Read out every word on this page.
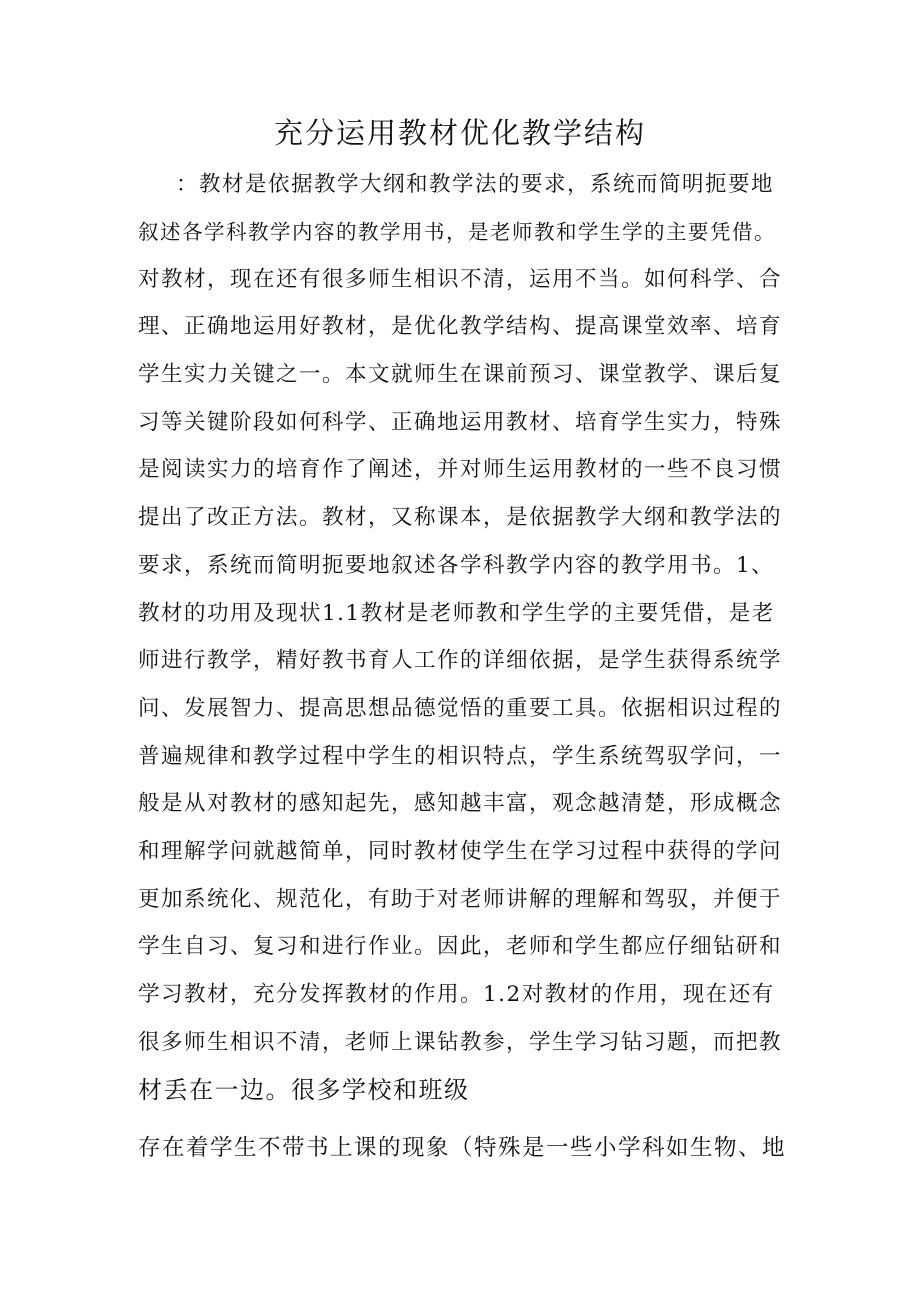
充分运用教材优化教学结构

：教材是依据教学大纲和教学法的要求，系统而简明扼要地

叙述各学科教学内容的教学用书，是老师教和学生学的主要凭借。

对教材，现在还有很多师生相识不清，运用不当。如何科学、合

理、正确地运用好教材，是优化教学结构、提高课堂效率、培育

学生实力关键之一。本文就师生在课前预习、课堂教学、课后复

习等关键阶段如何科学、正确地运用教材、培育学生实力，特殊

是阅读实力的培育作了阐述，并对师生运用教材的一些不良习惯

提出了改正方法。教材，又称课本，是依据教学大纲和教学法的

要求，系统而简明扼要地叙述各学科教学内容的教学用书。1、

教材的功用及现状1.1教材是老师教和学生学的主要凭借，是老

师进行教学，精好教书育人工作的详细依据，是学生获得系统学

问、发展智力、提高思想品德觉悟的重要工具。依据相识过程的

普遍规律和教学过程中学生的相识特点，学生系统驾驭学问，一

般是从对教材的感知起先，感知越丰富，观念越清楚，形成概念

和理解学问就越简单，同时教材使学生在学习过程中获得的学问

更加系统化、规范化，有助于对老师讲解的理解和驾驭，并便于

学生自习、复习和进行作业。因此，老师和学生都应仔细钻研和

学习教材，充分发挥教材的作用。1.2对教材的作用，现在还有

很多师生相识不清，老师上课钻教参，学生学习钻习题，而把教

材丢在一边。很多学校和班级

存在着学生不带书上课的现象（特殊是一些小学科如生物、地
